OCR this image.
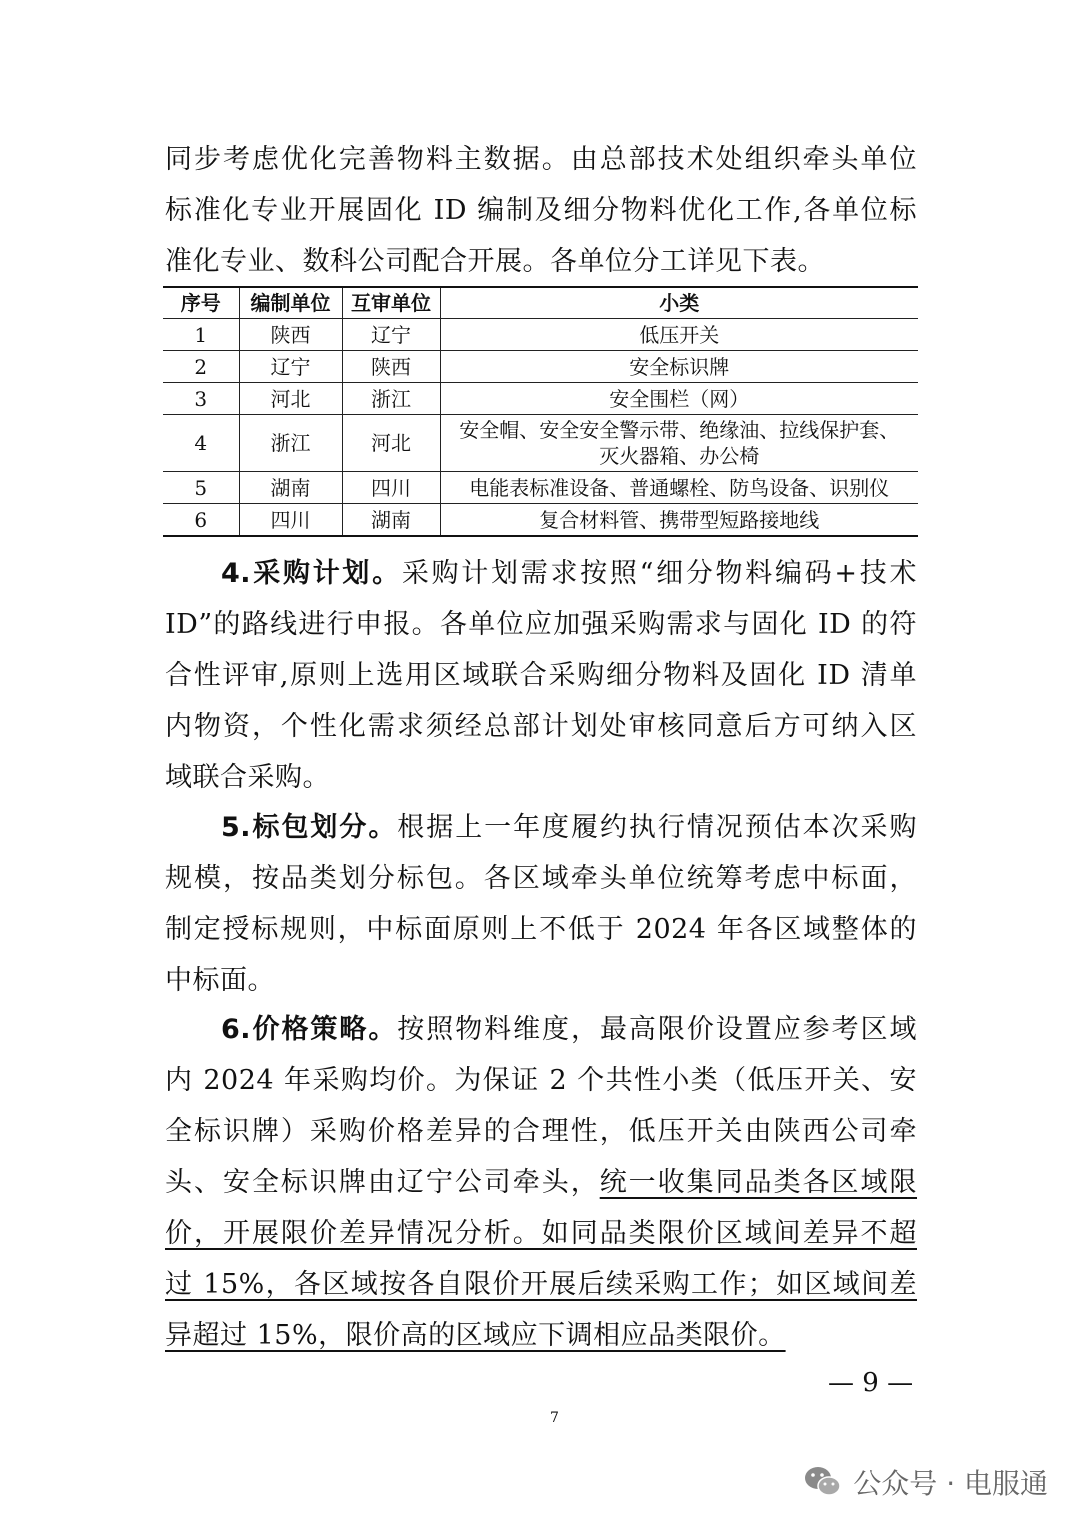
同步考虑优化完善物料主数据。由总部技术处组织牵头单位
标准化专业开展固化 ID 编制及细分物料优化工作,各单位标
准化专业、数科公司配合开展。各单位分工详见下表。
序号	编制单位	互审单位	小类
1	陕西	辽宁	低压开关
2	辽宁	陕西	安全标识牌
3	河北	浙江	安全围栏（网）
4	浙江	河北	安全帽、安全安全警示带、绝缘油、拉线保护套、
灭火器箱、办公椅

5	湖南	四川	电能表标准设备、普通螺栓、防鸟设备、识别仪
6	四川	湖南	复合材料管、携带型短路接地线
4.采购计划。采购计划需求按照“细分物料编码+技术
ID”的路线进行申报。各单位应加强采购需求与固化 ID 的符
合性评审,原则上选用区域联合采购细分物料及固化 ID 清单
内物资，个性化需求须经总部计划处审核同意后方可纳入区
域联合采购。
5.标包划分。根据上一年度履约执行情况预估本次采购
规模，按品类划分标包。各区域牵头单位统筹考虑中标面，
制定授标规则，中标面原则上不低于 2024 年各区域整体的
中标面。
6.价格策略。按照物料维度，最高限价设置应参考区域
内 2024 年采购均价。为保证 2 个共性小类（低压开关、安
全标识牌）采购价格差异的合理性，低压开关由陕西公司牵
头、安全标识牌由辽宁公司牵头，统一收集同品类各区域限
价，开展限价差异情况分析。如同品类限价区域间差异不超
过 15%，各区域按各自限价开展后续采购工作；如区域间差
异超过 15%，限价高的区域应下调相应品类限价。
— 9 —
7
公众号 · 电服通
